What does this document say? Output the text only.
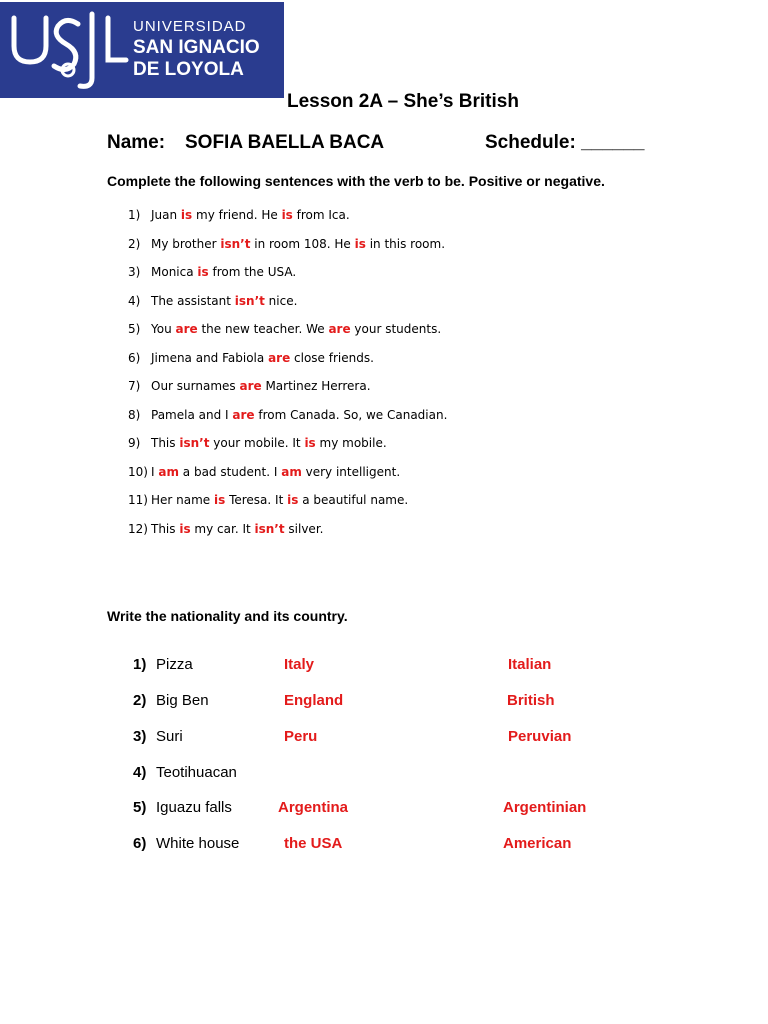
UNIVERSIDAD
SAN IGNACIO
DE LOYOLA
Lesson 2A – She’s British
Name: SOFIA BAELLA BACA	Schedule: ______
Complete the following sentences with the verb to be. Positive or negative.
1) Juan is my friend. He is from Ica.
2) My brother isn’t in room 108. He is in this room.
3) Monica is from the USA.
4) The assistant isn’t nice.
5) You are the new teacher. We are your students.
6) Jimena and Fabiola are close friends.
7) Our surnames are Martinez Herrera.
8) Pamela and I are from Canada. So, we Canadian.
9) This isn’t your mobile. It is my mobile.
10) I am a bad student. I am very intelligent.
11) Her name is Teresa. It is a beautiful name.
12) This is my car. It isn’t silver.
Write the nationality and its country.
1) Pizza	Italy	Italian
2) Big Ben	England	British
3) Suri	Peru	Peruvian
4) Teotihuacan
5) Iguazu falls	Argentina	Argentinian
6) White house	the USA	American
